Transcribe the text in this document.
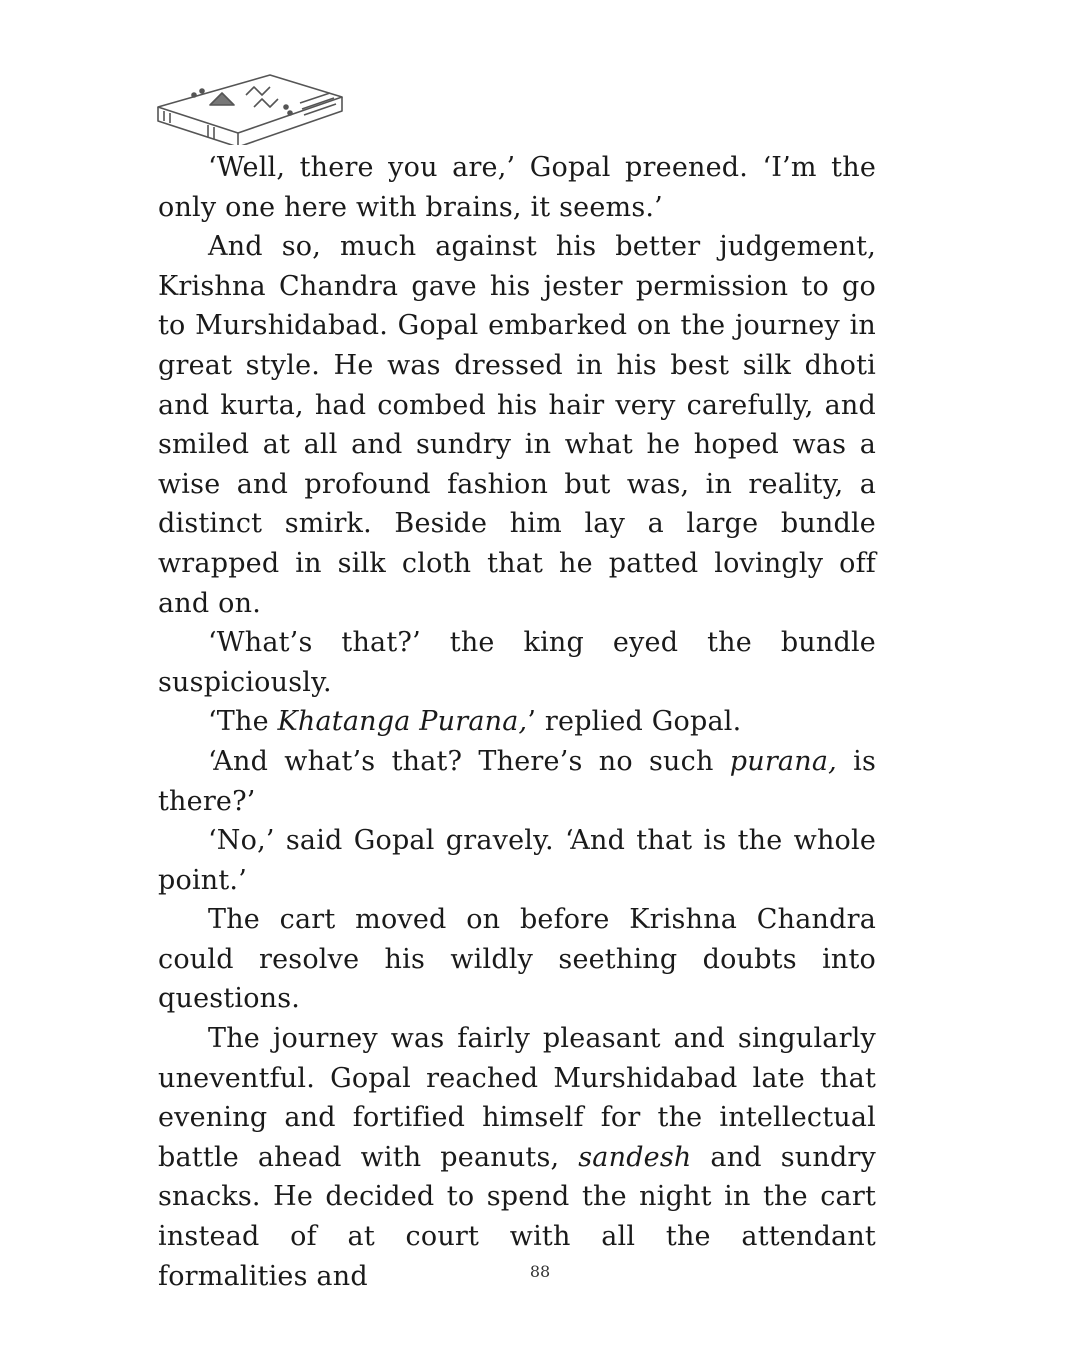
‘Well, there you are,’ Gopal preened. ‘I’m the only one here with brains, it seems.’

And so, much against his better judgement, Krishna Chandra gave his jester permission to go to Murshidabad. Gopal embarked on the journey in great style. He was dressed in his best silk dhoti and kurta, had combed his hair very carefully, and smiled at all and sundry in what he hoped was a wise and profound fashion but was, in reality, a distinct smirk. Beside him lay a large bundle wrapped in silk cloth that he patted lovingly off and on.

‘What’s that?’ the king eyed the bundle suspiciously.

‘The Khatanga Purana,’ replied Gopal.

‘And what’s that? There’s no such purana, is there?’

‘No,’ said Gopal gravely. ‘And that is the whole point.’

The cart moved on before Krishna Chandra could resolve his wildly seething doubts into questions.

The journey was fairly pleasant and singularly uneventful. Gopal reached Murshidabad late that evening and fortified himself for the intellectual battle ahead with peanuts, sandesh and sundry snacks. He decided to spend the night in the cart instead of at court with all the attendant formalities and	88
